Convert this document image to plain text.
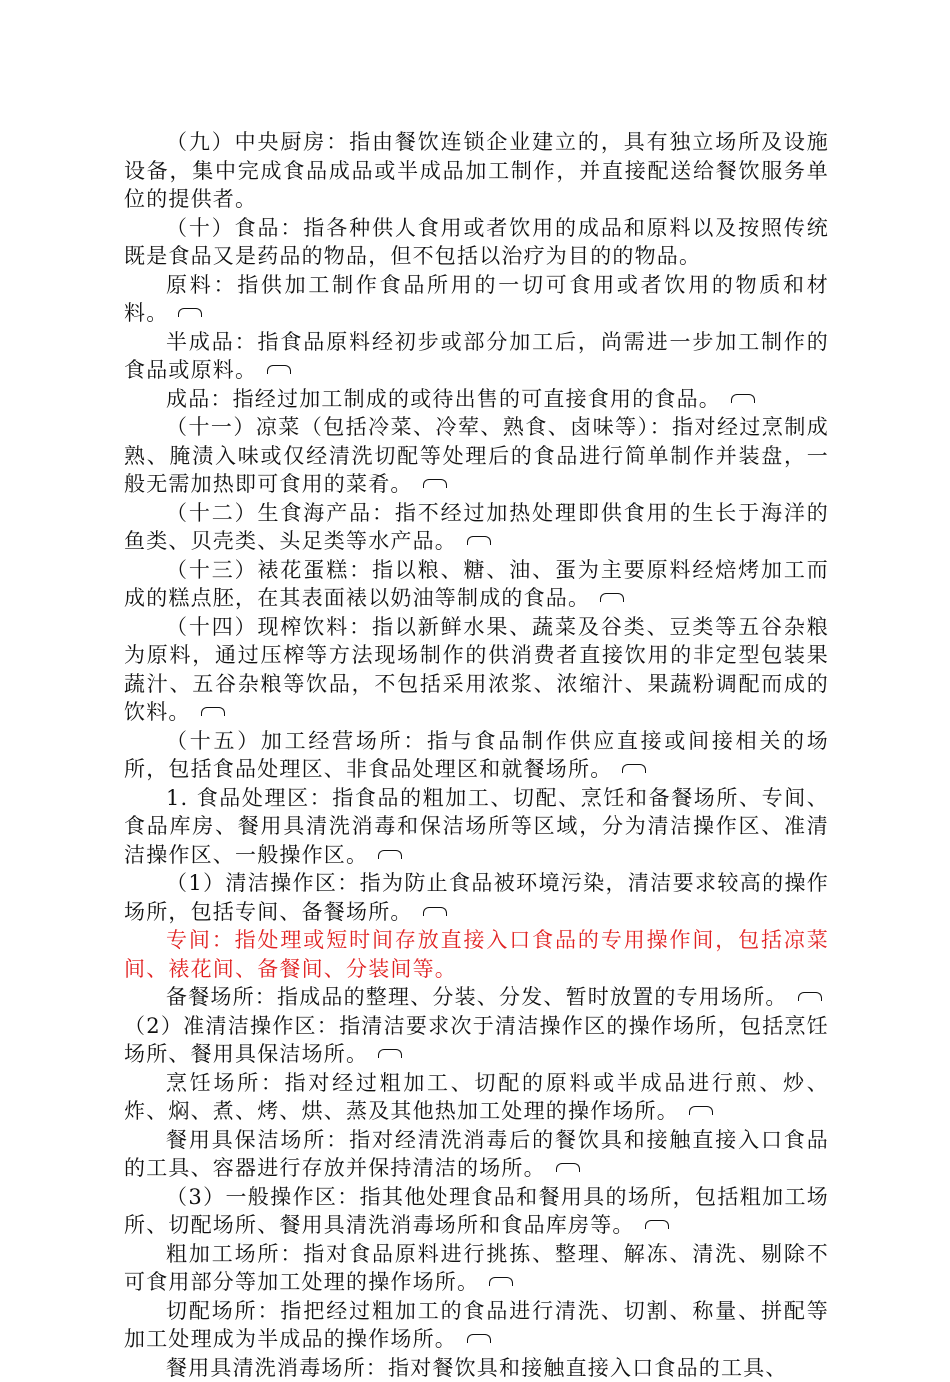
（九）中央厨房：指由餐饮连锁企业建立的，具有独立场所及设施设备，集中完成食品成品或半成品加工制作，并直接配送给餐饮服务单位的提供者。

（十）食品：指各种供人食用或者饮用的成品和原料以及按照传统既是食品又是药品的物品，但不包括以治疗为目的的物品。

原料：指供加工制作食品所用的一切可食用或者饮用的物质和材料。

半成品：指食品原料经初步或部分加工后，尚需进一步加工制作的食品或原料。

成品：指经过加工制成的或待出售的可直接食用的食品。

（十一）凉菜（包括冷菜、冷荤、熟食、卤味等）：指对经过烹制成熟、腌渍入味或仅经清洗切配等处理后的食品进行简单制作并装盘，一般无需加热即可食用的菜肴。

（十二）生食海产品：指不经过加热处理即供食用的生长于海洋的鱼类、贝壳类、头足类等水产品。

（十三）裱花蛋糕：指以粮、糖、油、蛋为主要原料经焙烤加工而成的糕点胚，在其表面裱以奶油等制成的食品。

（十四）现榨饮料：指以新鲜水果、蔬菜及谷类、豆类等五谷杂粮为原料，通过压榨等方法现场制作的供消费者直接饮用的非定型包装果蔬汁、五谷杂粮等饮品，不包括采用浓浆、浓缩汁、果蔬粉调配而成的饮料。

（十五）加工经营场所：指与食品制作供应直接或间接相关的场所，包括食品处理区、非食品处理区和就餐场所。

1. 食品处理区：指食品的粗加工、切配、烹饪和备餐场所、专间、食品库房、餐用具清洗消毒和保洁场所等区域，分为清洁操作区、准清洁操作区、一般操作区。

（1）清洁操作区：指为防止食品被环境污染，清洁要求较高的操作场所，包括专间、备餐场所。

专间：指处理或短时间存放直接入口食品的专用操作间，包括凉菜间、裱花间、备餐间、分装间等。

备餐场所：指成品的整理、分装、分发、暂时放置的专用场所。

（2）准清洁操作区：指清洁要求次于清洁操作区的操作场所，包括烹饪场所、餐用具保洁场所。

烹饪场所：指对经过粗加工、切配的原料或半成品进行煎、炒、炸、焖、煮、烤、烘、蒸及其他热加工处理的操作场所。

餐用具保洁场所：指对经清洗消毒后的餐饮具和接触直接入口食品的工具、容器进行存放并保持清洁的场所。

（3）一般操作区：指其他处理食品和餐用具的场所，包括粗加工场所、切配场所、餐用具清洗消毒场所和食品库房等。

粗加工场所：指对食品原料进行挑拣、整理、解冻、清洗、剔除不可食用部分等加工处理的操作场所。

切配场所：指把经过粗加工的食品进行清洗、切割、称量、拼配等加工处理成为半成品的操作场所。

餐用具清洗消毒场所：指对餐饮具和接触直接入口食品的工具、
